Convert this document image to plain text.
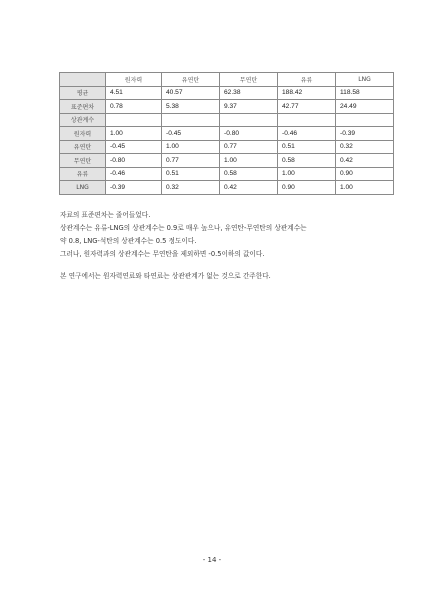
	원자력	유연탄	무연탄	유류	LNG
평균	4.51	40.57	62.38	188.42	118.58
표준편차	0.78	5.38	9.37	42.77	24.49
상관계수					
원자력	1.00	-0.45	-0.80	-0.46	-0.39
유연탄	-0.45	1.00	0.77	0.51	0.32
무연탄	-0.80	0.77	1.00	0.58	0.42
유류	-0.46	0.51	0.58	1.00	0.90
LNG	-0.39	0.32	0.42	0.90	1.00
자료의 표준편차는 줄어들었다.
상관계수는 유류-LNG의 상관계수는 0.9로 매우 높으나, 유연탄-무연탄의 상관계수는
약 0.8, LNG-석탄의 상관계수는 0.5 정도이다.
그러나, 원자력과의 상관계수는 무연탄을 제외하면 -0.5이하의 값이다.
본 연구에서는 원자력연료와 타연료는 상관관계가 없는 것으로 간주한다.
- 14 -
